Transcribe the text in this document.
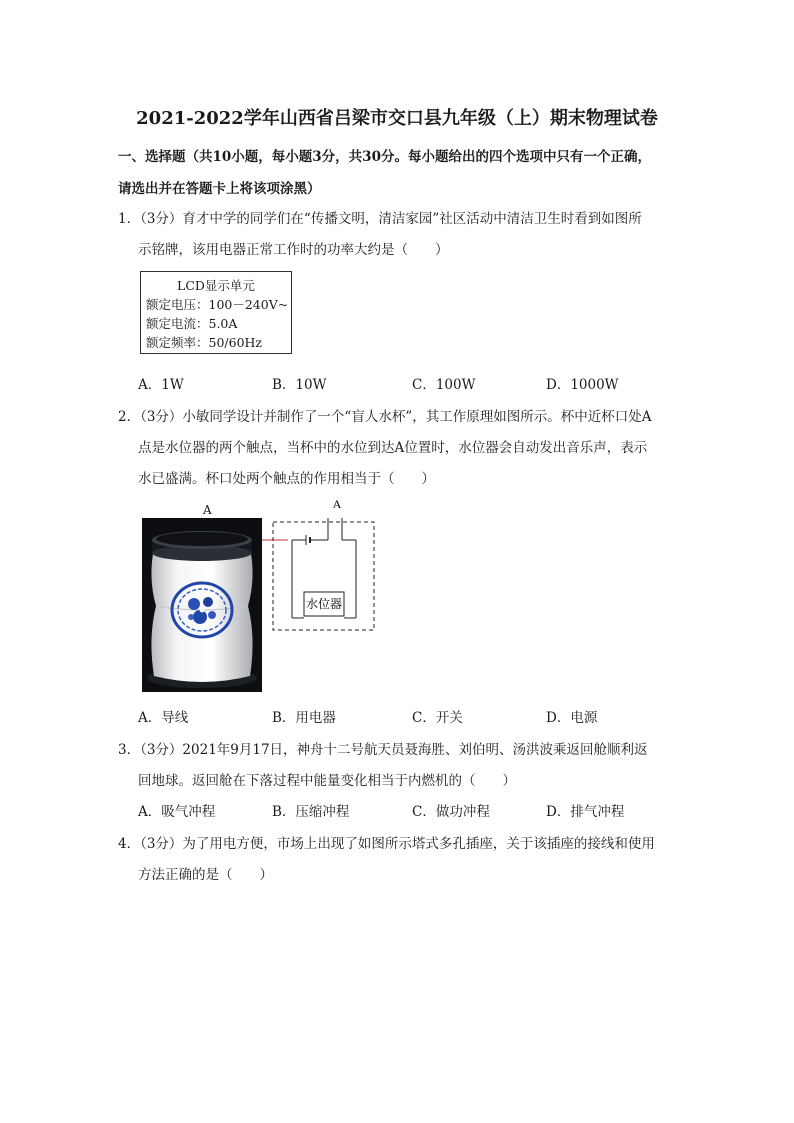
2021-2022学年山西省吕梁市交口县九年级（上）期末物理试卷
一、选择题（共10小题，每小题3分，共30分。每小题给出的四个选项中只有一个正确，
请选出并在答题卡上将该项涂黑）
1．（3分）育才中学的同学们在“传播文明，清洁家园”社区活动中清洁卫生时看到如图所
示铭牌，该用电器正常工作时的功率大约是（　　）
LCD显示单元
额定电压：100－240V~
额定电流：5.0A
额定频率：50/60Hz
A．1W	B．10W	C．100W	D．1000W
2．（3分）小敏同学设计并制作了一个“盲人水杯”，其工作原理如图所示。杯中近杯口处A
点是水位器的两个触点，当杯中的水位到达A位置时，水位器会自动发出音乐声，表示
水已盛满。杯口处两个触点的作用相当于（　　）
A	A
水位器
A．导线	B．用电器	C．开关	D．电源
3．（3分）2021年9月17日，神舟十二号航天员聂海胜、刘伯明、汤洪波乘返回舱顺利返
回地球。返回舱在下落过程中能量变化相当于内燃机的（　　）
A．吸气冲程	B．压缩冲程	C．做功冲程	D．排气冲程
4．（3分）为了用电方便，市场上出现了如图所示塔式多孔插座，关于该插座的接线和使用
方法正确的是（　　）
